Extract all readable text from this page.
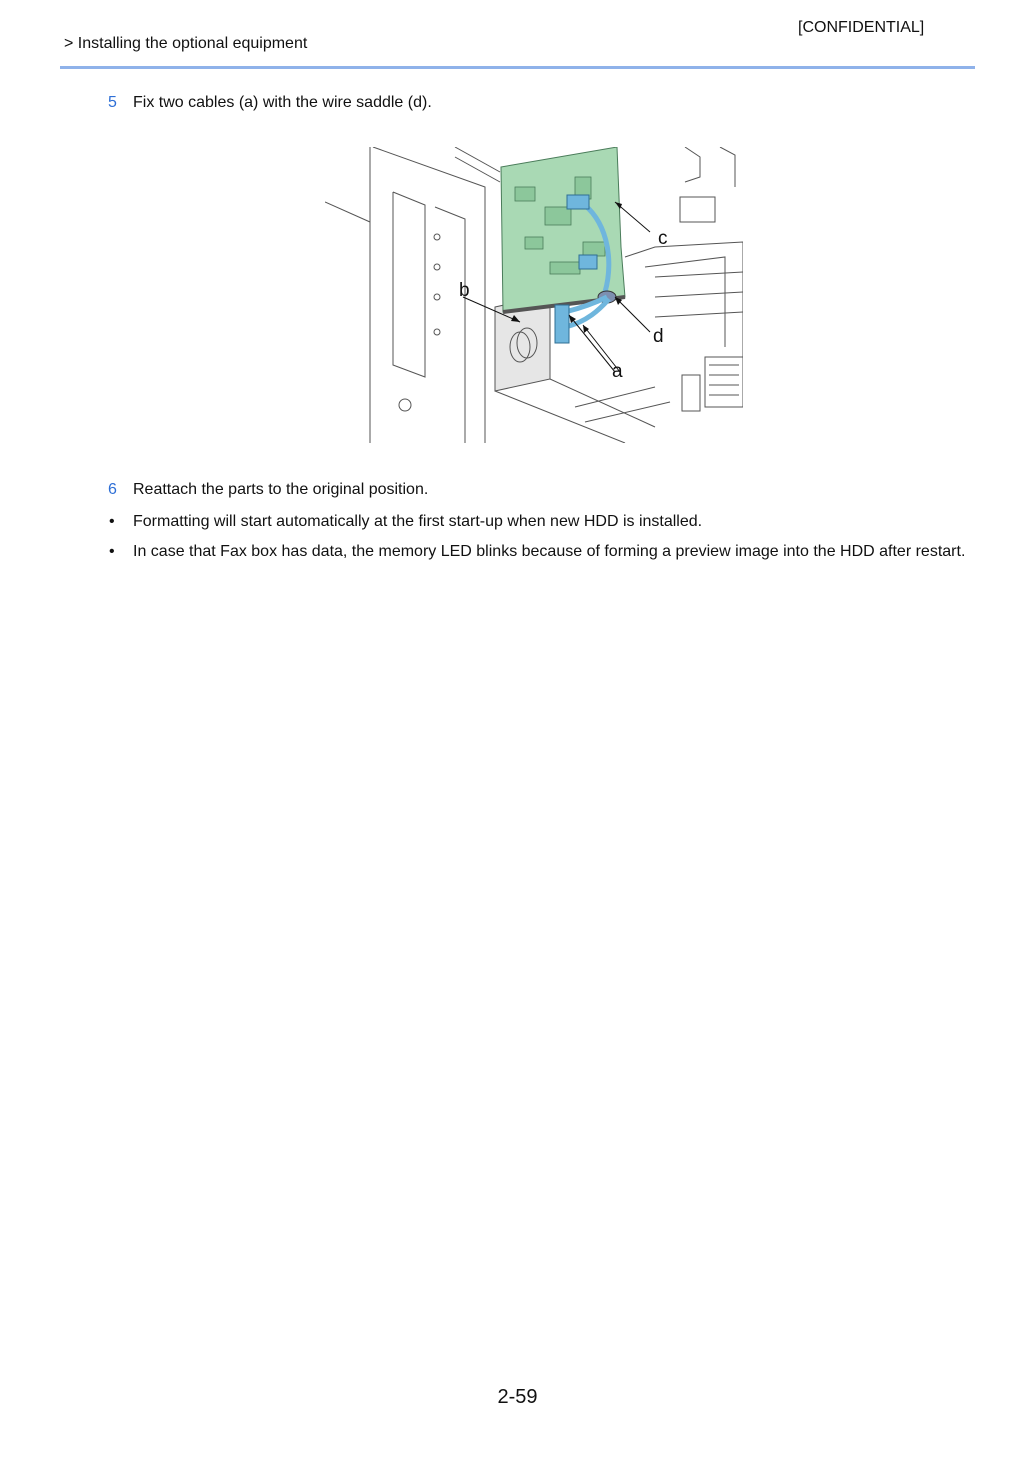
[CONFIDENTIAL]
> Installing the optional equipment
5	Fix two cables (a) with the wire saddle (d).
b
c
d
a
6	Reattach the parts to the original position.
•	Formatting will start automatically at the first start-up when new HDD is installed.
•	In case that Fax box has data, the memory LED blinks because of forming a preview image into the HDD after restart.
2-59
